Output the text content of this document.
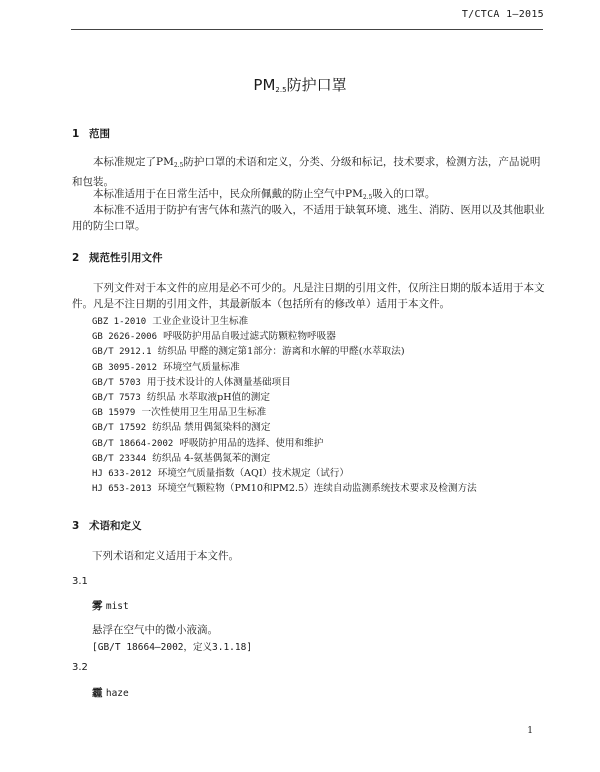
T/CTCA 1—2015
$PM_{2.5}$防护口罩
1 范围

本标准规定了$PM_{2.5}$防护口罩的术语和定义，分类、分级和标记，技术要求，检测方法，产品说明和包装。

本标准适用于在日常生活中，民众所佩戴的防止空气中$PM_{2.5}$吸入的口罩。

本标准不适用于防护有害气体和蒸汽的吸入，不适用于缺氧环境、逃生、消防、医用以及其他职业用的防尘口罩。

2 规范性引用文件

下列文件对于本文件的应用是必不可少的。凡是注日期的引用文件，仅所注日期的版本适用于本文件。凡是不注日期的引用文件，其最新版本（包括所有的修改单）适用于本文件。

GBZ 1-2010 工业企业设计卫生标准
GB 2626-2006 呼吸防护用品自吸过滤式防颗粒物呼吸器
GB/T 2912.1 纺织品 甲醛的测定第1部分：游离和水解的甲醛(水萃取法)
GB 3095-2012 环境空气质量标准
GB/T 5703 用于技术设计的人体测量基础项目
GB/T 7573 纺织品 水萃取液pH值的测定
GB 15979 一次性使用卫生用品卫生标准
GB/T 17592 纺织品 禁用偶氮染料的测定
GB/T 18664-2002 呼吸防护用品的选择、使用和维护
GB/T 23344 纺织品 4-氨基偶氮苯的测定
HJ 633-2012 环境空气质量指数（AQI）技术规定（试行）
HJ 653-2013 环境空气颗粒物（PM10和PM2.5）连续自动监测系统技术要求及检测方法
3 术语和定义

下列术语和定义适用于本文件。

3.1
雾 mist

悬浮在空气中的微小液滴。

[GB/T 18664—2002，定义3.1.18]
3.2
霾 haze
1
